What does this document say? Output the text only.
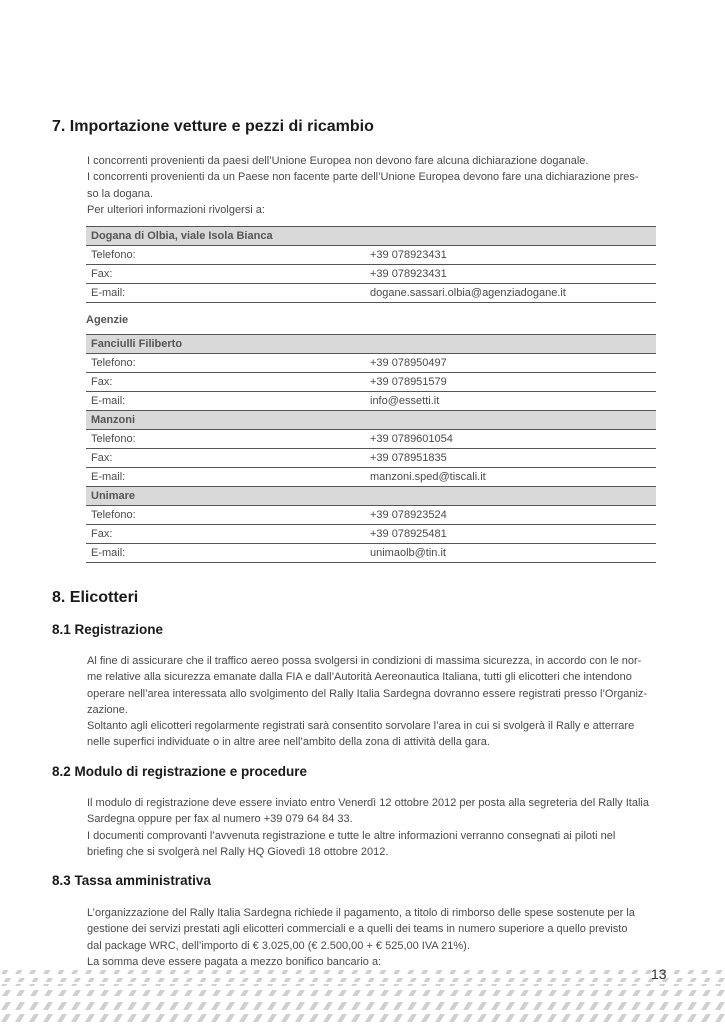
7. Importazione vetture e pezzi di ricambio

I concorrenti provenienti da paesi dell’Unione Europea non devono fare alcuna dichiarazione doganale.

I concorrenti provenienti da un Paese non facente parte dell’Unione Europea devono fare una dichiarazione pres-

so la dogana.

Per ulteriori informazioni rivolgersi a:

Dogana di Olbia, viale Isola Bianca	
Telefono:	+39 078923431
Fax:	+39 078923431
E-mail:	dogane.sassari.olbia@agenziadogane.it
Agenzie
Fanciulli Filiberto	
Telefono:	+39 078950497
Fax:	+39 078951579
E-mail:	info@essetti.it
Manzoni	
Telefono:	+39 0789601054
Fax:	+39 078951835
E-mail:	manzoni.sped@tiscali.it
Unimare	
Telefono:	+39 078923524
Fax:	+39 078925481
E-mail:	unimaolb@tin.it
8. Elicotteri
8.1 Registrazione

Al fine di assicurare che il traffico aereo possa svolgersi in condizioni di massima sicurezza, in accordo con le nor-

me relative alla sicurezza emanate dalla FIA e dall’Autorità Aereonautica Italiana, tutti gli elicotteri che intendono

operare nell’area interessata allo svolgimento del Rally Italia Sardegna dovranno essere registrati presso l’Organiz-

zazione.

Soltanto agli elicotteri regolarmente registrati sarà consentito sorvolare l’area in cui si svolgerà il Rally e atterrare

nelle superfici individuate o in altre aree nell’ambito della zona di attività della gara.

8.2 Modulo di registrazione e procedure

Il modulo di registrazione deve essere inviato entro Venerdì 12 ottobre 2012 per posta alla segreteria del Rally Italia

Sardegna oppure per fax al numero +39 079 64 84 33.

I documenti comprovanti l’avvenuta registrazione e tutte le altre informazioni verranno consegnati ai piloti nel

briefing che si svolgerà nel Rally HQ Giovedì 18 ottobre 2012.

8.3 Tassa amministrativa

L’organizzazione del Rally Italia Sardegna richiede il pagamento, a titolo di rimborso delle spese sostenute per la

gestione dei servizi prestati agli elicotteri commerciali e a quelli dei teams in numero superiore a quello previsto

dal package WRC, dell’importo di € 3.025,00 (€ 2.500,00 + € 525,00 IVA 21%).

La somma deve essere pagata a mezzo bonifico bancario a:

13
